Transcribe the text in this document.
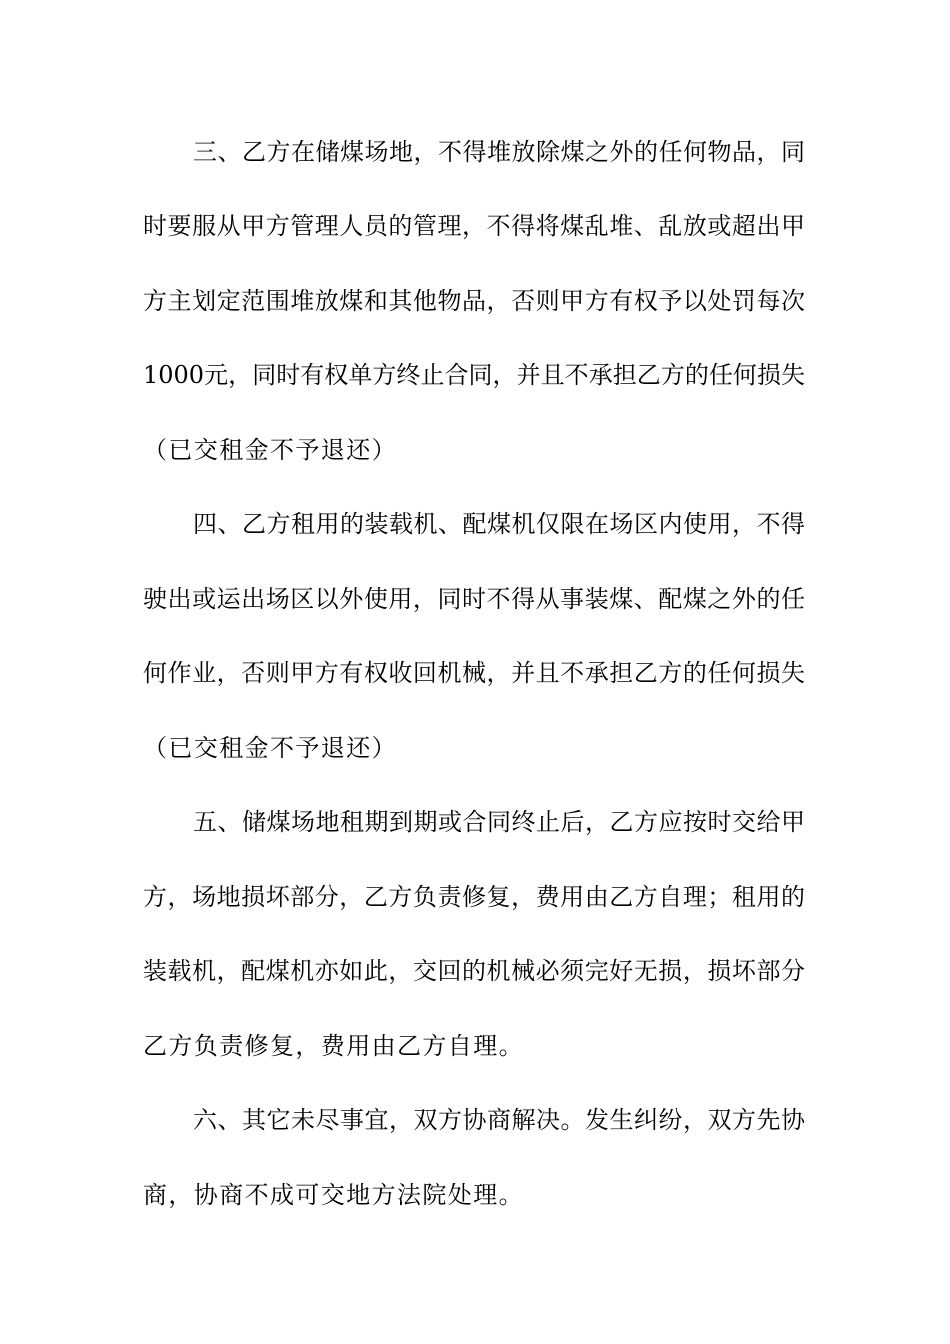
三、乙方在储煤场地，不得堆放除煤之外的任何物品，同
时要服从甲方管理人员的管理，不得将煤乱堆、乱放或超出甲
方主划定范围堆放煤和其他物品，否则甲方有权予以处罚每次
1000元，同时有权单方终止合同，并且不承担乙方的任何损失
（已交租金不予退还）
四、乙方租用的装载机、配煤机仅限在场区内使用，不得
驶出或运出场区以外使用，同时不得从事装煤、配煤之外的任
何作业，否则甲方有权收回机械，并且不承担乙方的任何损失
（已交租金不予退还）
五、储煤场地租期到期或合同终止后，乙方应按时交给甲
方，场地损坏部分，乙方负责修复，费用由乙方自理；租用的
装载机，配煤机亦如此，交回的机械必须完好无损，损坏部分
乙方负责修复，费用由乙方自理。
六、其它未尽事宜，双方协商解决。发生纠纷，双方先协
商，协商不成可交地方法院处理。
